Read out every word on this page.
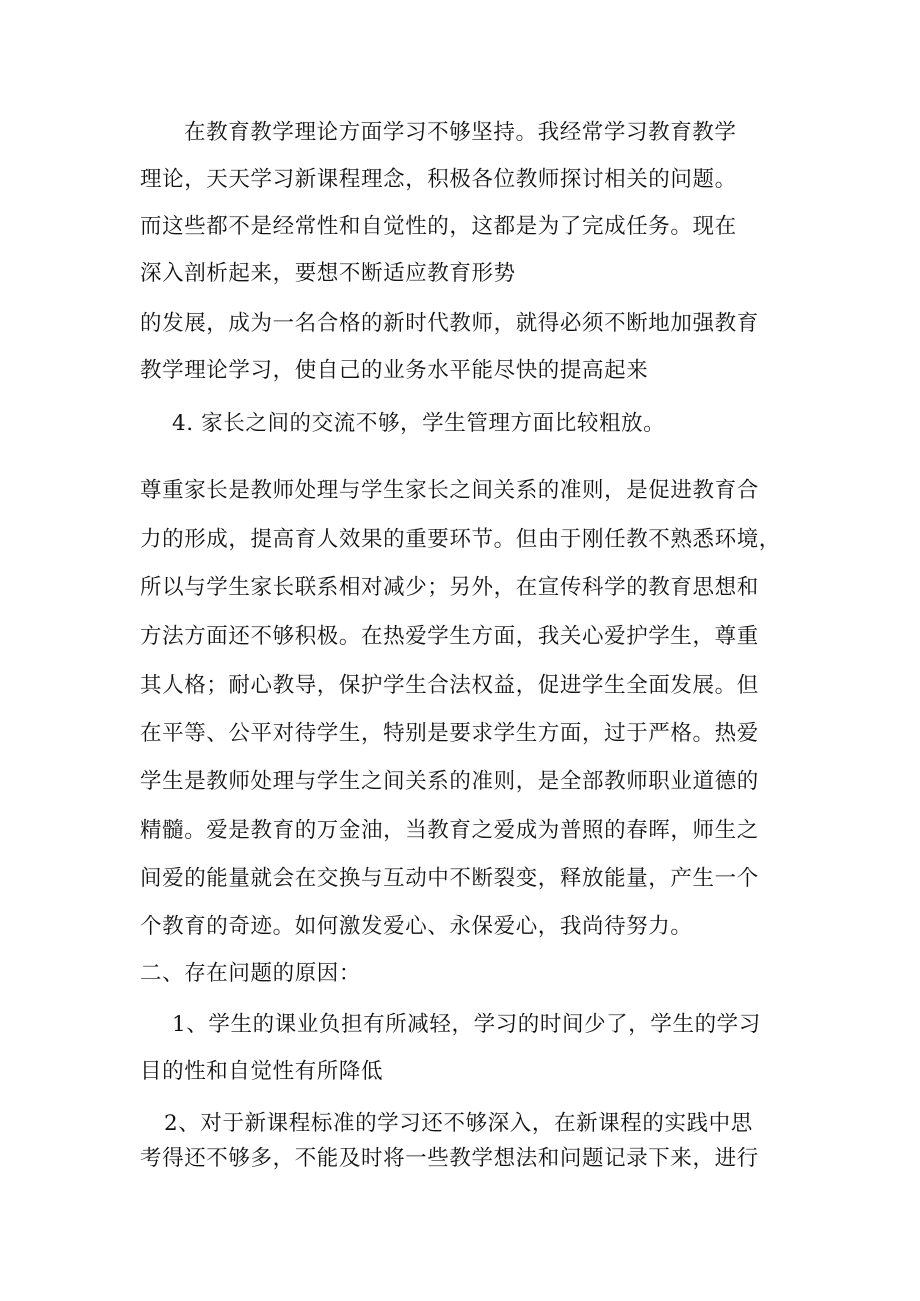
在教育教学理论方面学习不够坚持。我经常学习教育教学
理论，天天学习新课程理念，积极各位教师探讨相关的问题。
而这些都不是经常性和自觉性的，这都是为了完成任务。现在
深入剖析起来，要想不断适应教育形势
的发展，成为一名合格的新时代教师，就得必须不断地加强教育
教学理论学习，使自己的业务水平能尽快的提高起来
4. 家长之间的交流不够，学生管理方面比较粗放。
尊重家长是教师处理与学生家长之间关系的准则，是促进教育合
力的形成，提高育人效果的重要环节。但由于刚任教不熟悉环境，
所以与学生家长联系相对减少；另外，在宣传科学的教育思想和
方法方面还不够积极。在热爱学生方面，我关心爱护学生，尊重
其人格；耐心教导，保护学生合法权益，促进学生全面发展。但
在平等、公平对待学生，特别是要求学生方面，过于严格。热爱
学生是教师处理与学生之间关系的准则，是全部教师职业道德的
精髓。爱是教育的万金油，当教育之爱成为普照的春晖，师生之
间爱的能量就会在交换与互动中不断裂变，释放能量，产生一个
个教育的奇迹。如何激发爱心、永保爱心，我尚待努力。
二、存在问题的原因：
1、学生的课业负担有所减轻，学习的时间少了，学生的学习
目的性和自觉性有所降低
2、对于新课程标准的学习还不够深入，在新课程的实践中思
考得还不够多，不能及时将一些教学想法和问题记录下来，进行
